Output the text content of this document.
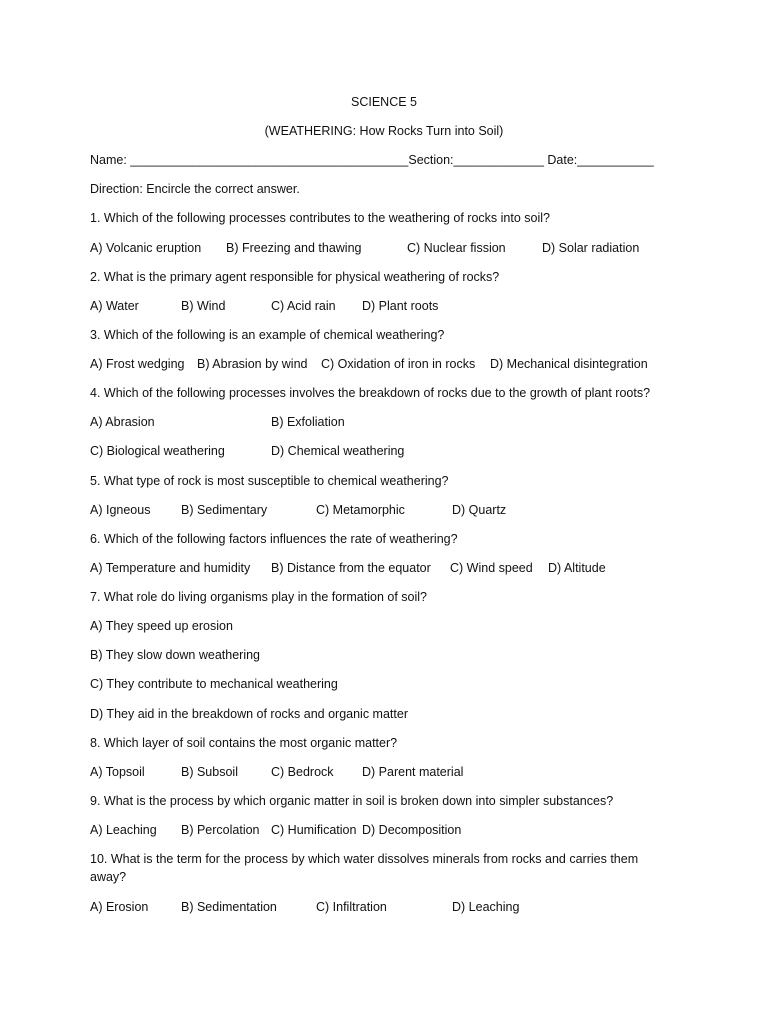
SCIENCE 5
(WEATHERING: How Rocks Turn into Soil)
Name: ________________________________________Section:_____________ Date:___________
Direction: Encircle the correct answer.
1. Which of the following processes contributes to the weathering of rocks into soil?
A) Volcanic eruption B) Freezing and thawing	C) Nuclear fission	D) Solar radiation
2. What is the primary agent responsible for physical weathering of rocks?
A) Water	B) Wind	C) Acid rain D) Plant roots
3. Which of the following is an example of chemical weathering?
A) Frost wedging B) Abrasion by wind C) Oxidation of iron in rocks D) Mechanical disintegration
4. Which of the following processes involves the breakdown of rocks due to the growth of plant roots?
A) Abrasion	B) Exfoliation
C) Biological weathering	D) Chemical weathering
5. What type of rock is most susceptible to chemical weathering?
A) Igneous B) Sedimentary	C) Metamorphic	D) Quartz
6. Which of the following factors influences the rate of weathering?
A) Temperature and humidity B) Distance from the equator C) Wind speed D) Altitude
7. What role do living organisms play in the formation of soil?
A) They speed up erosion
B) They slow down weathering
C) They contribute to mechanical weathering
D) They aid in the breakdown of rocks and organic matter
8. Which layer of soil contains the most organic matter?
A) Topsoil	B) Subsoil	C) Bedrock D) Parent material
9. What is the process by which organic matter in soil is broken down into simpler substances?
A) Leaching B) Percolation C) Humification D) Decomposition
10. What is the term for the process by which water dissolves minerals from rocks and carries them
away?
A) Erosion	B) Sedimentation	C) Infiltration	D) Leaching
